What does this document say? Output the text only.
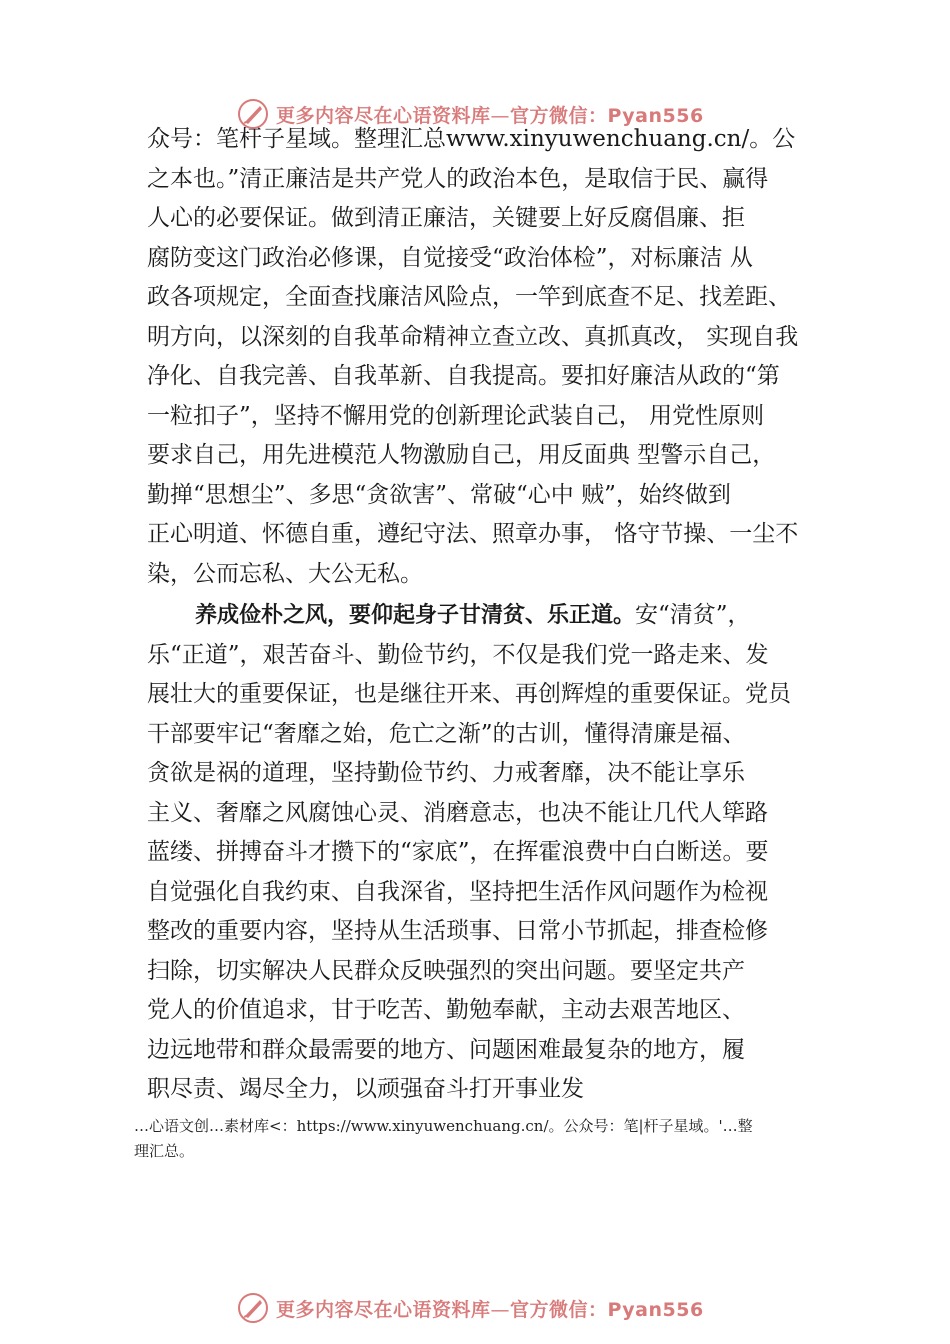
更多内容尽在心语资料库—官方微信：Pyan556
众号：笔杆子星域。整理汇总www.xinyuwenchuang.cn/。公
之本也。”清正廉洁是共产党人的政治本色，是取信于民、赢得
人心的必要保证。做到清正廉洁，关键要上好反腐倡廉、拒
腐防变这门政治必修课，自觉接受“政治体检”，对标廉洁 从
政各项规定，全面查找廉洁风险点，一竿到底查不足、找差距、
明方向，以深刻的自我革命精神立查立改、真抓真改， 实现自我
净化、自我完善、自我革新、自我提高。要扣好廉洁从政的“第
一粒扣子”，坚持不懈用党的创新理论武装自己， 用党性原则
要求自己，用先进模范人物激励自己，用反面典 型警示自己，
勤掸“思想尘”、多思“贪欲害”、常破“心中 贼”，始终做到
正心明道、怀德自重，遵纪守法、照章办事， 恪守节操、一尘不
染，公而忘私、大公无私。
养成俭朴之风，要仰起身子甘清贫、乐正道。安“清贫”，
乐“正道”，艰苦奋斗、勤俭节约，不仅是我们党一路走来、发
展壮大的重要保证，也是继往开来、再创辉煌的重要保证。党员
干部要牢记“奢靡之始，危亡之渐”的古训，懂得清廉是福、
贪欲是祸的道理，坚持勤俭节约、力戒奢靡，决不能让享乐
主义、奢靡之风腐蚀心灵、消磨意志，也决不能让几代人筚路
蓝缕、拼搏奋斗才攒下的“家底”，在挥霍浪费中白白断送。要
自觉强化自我约束、自我深省，坚持把生活作风问题作为检视
整改的重要内容，坚持从生活琐事、日常小节抓起，排查检修
扫除，切实解决人民群众反映强烈的突出问题。要坚定共产
党人的价值追求，甘于吃苦、勤勉奉献，主动去艰苦地区、
边远地带和群众最需要的地方、问题困难最复杂的地方，履
职尽责、竭尽全力，以顽强奋斗打开事业发
…心语文创…素材库<：https://www.xinyuwenchuang.cn/。公众号：笔|杆子星域。'…整
理汇总。
更多内容尽在心语资料库—官方微信：Pyan556
